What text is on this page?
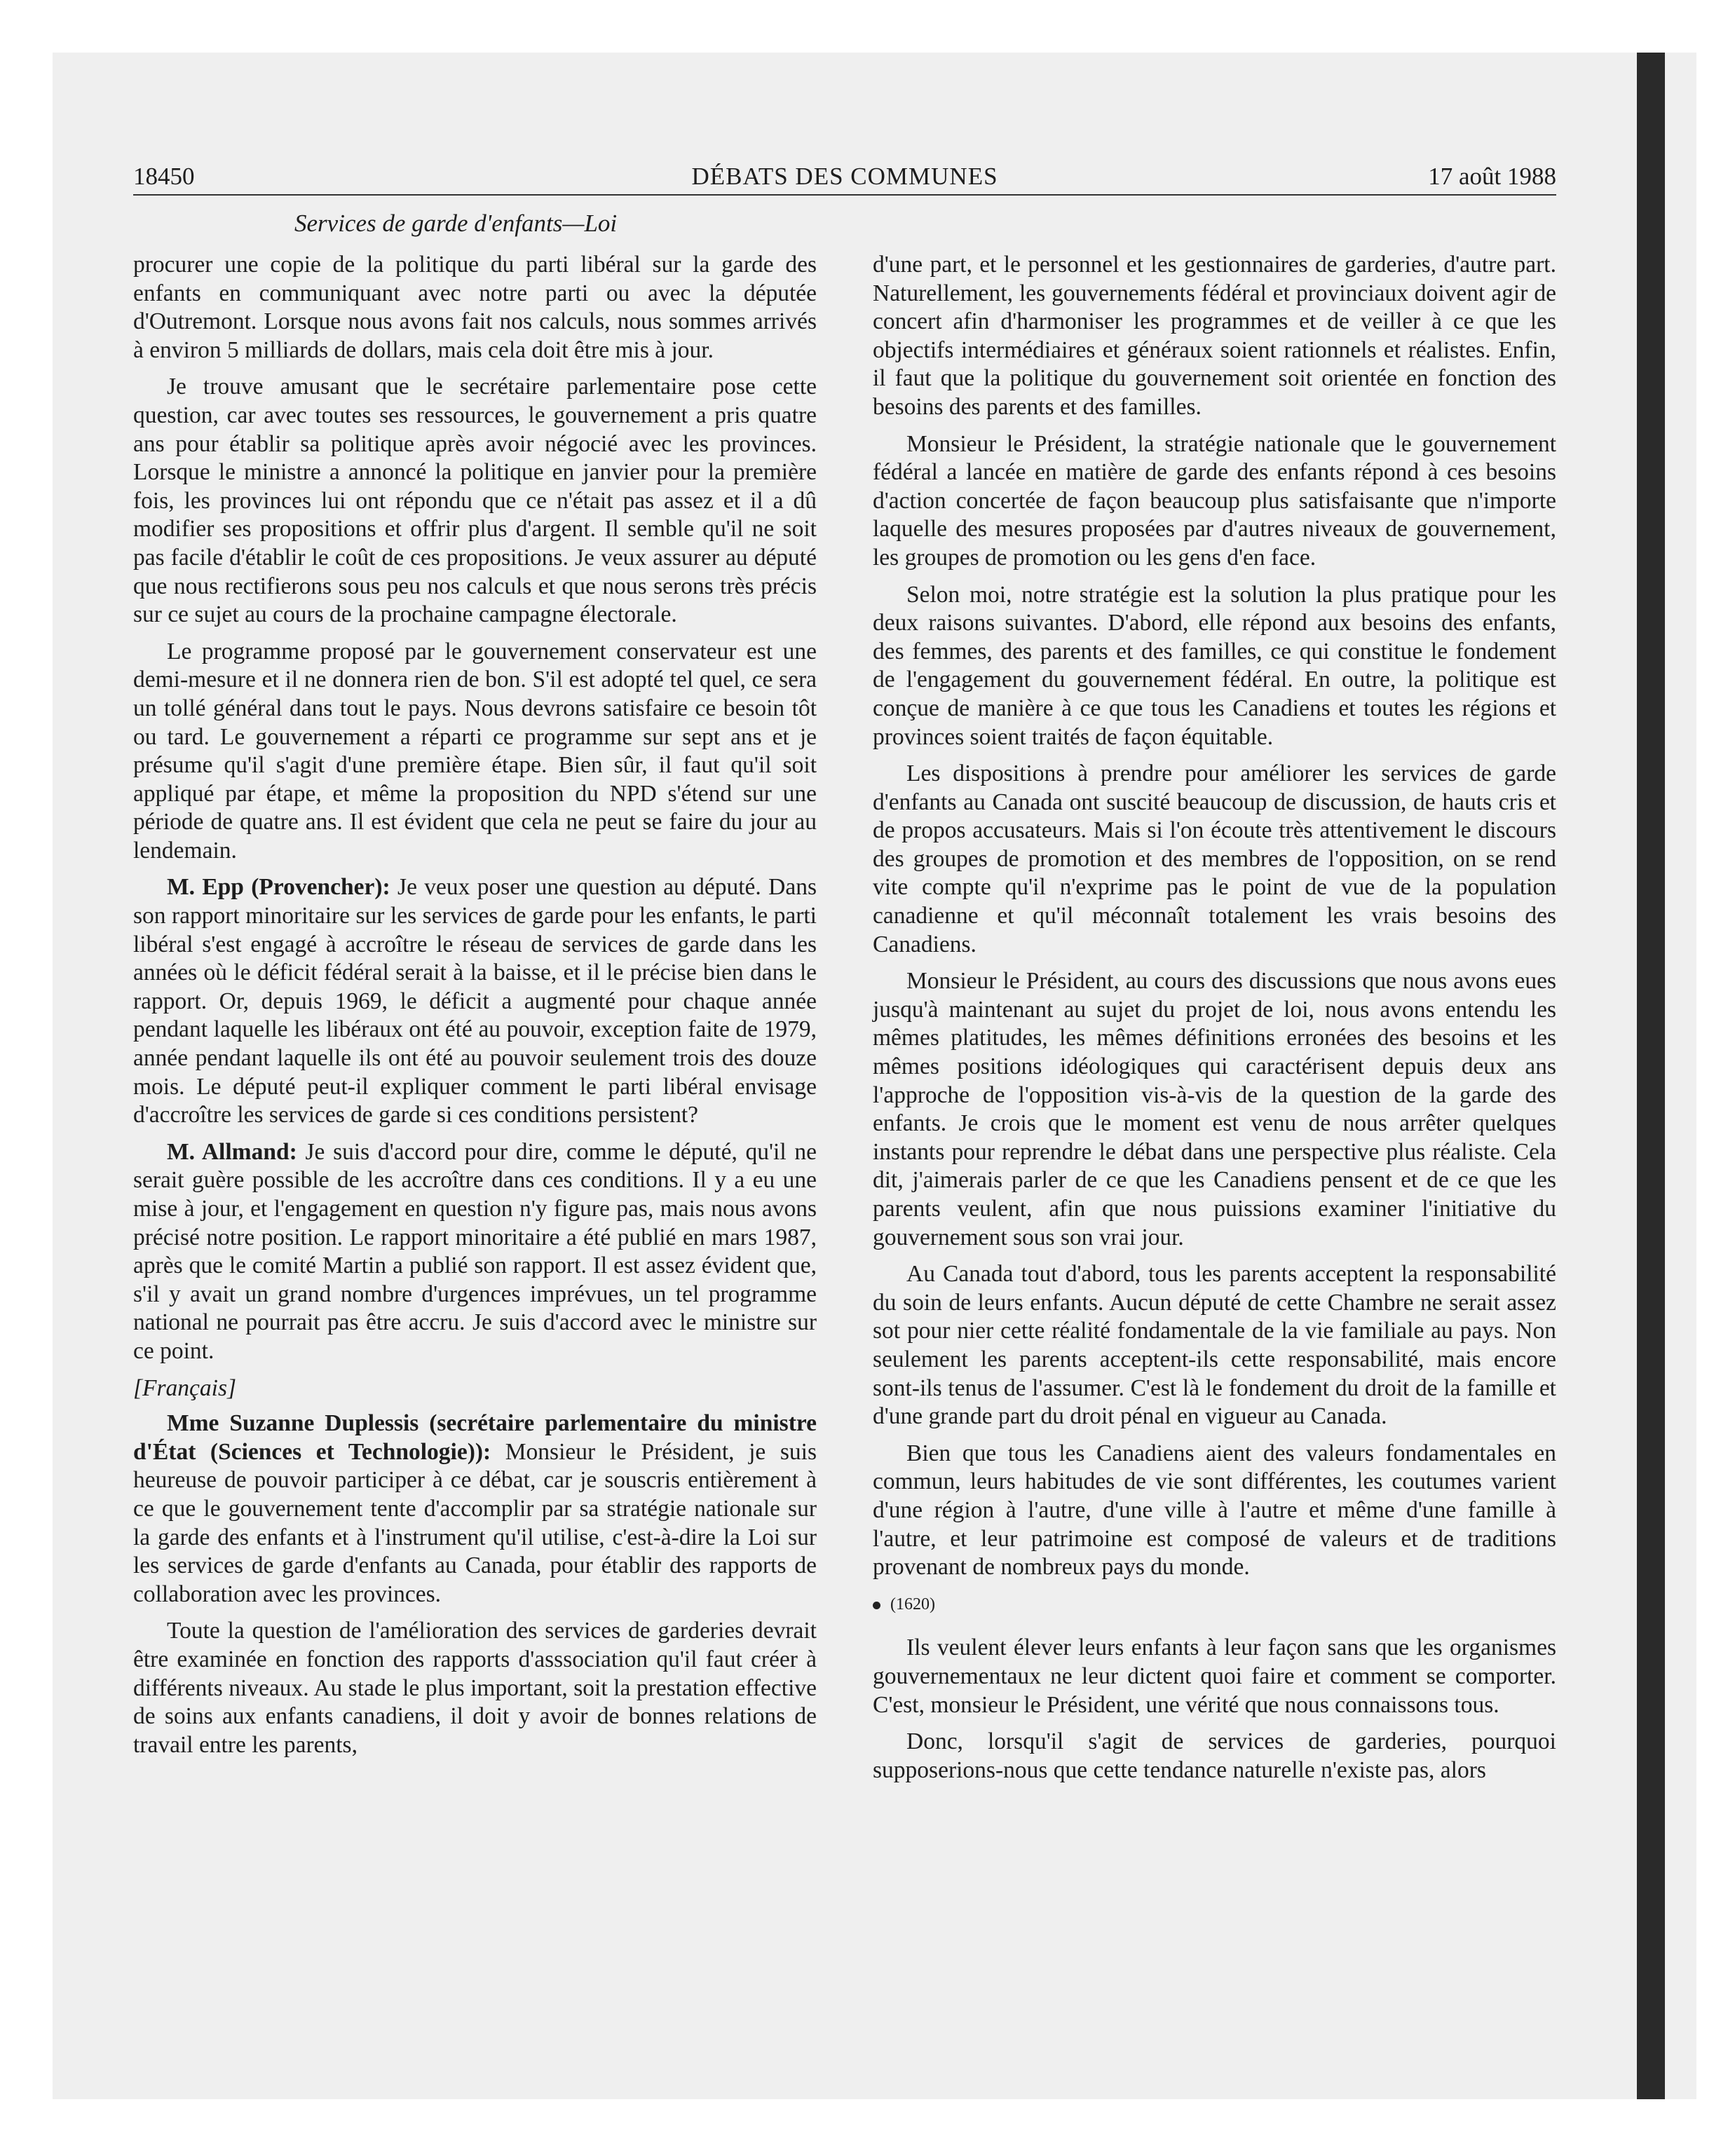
18450	DÉBATS DES COMMUNES	17 août 1988
Services de garde d'enfants—Loi

procurer une copie de la politique du parti libéral sur la garde des enfants en communiquant avec notre parti ou avec la députée d'Outremont. Lorsque nous avons fait nos calculs, nous sommes arrivés à environ 5 milliards de dollars, mais cela doit être mis à jour.

Je trouve amusant que le secrétaire parlementaire pose cette question, car avec toutes ses ressources, le gouvernement a pris quatre ans pour établir sa politique après avoir négocié avec les provinces. Lorsque le ministre a annoncé la politique en janvier pour la première fois, les provinces lui ont répondu que ce n'était pas assez et il a dû modifier ses propositions et offrir plus d'argent. Il semble qu'il ne soit pas facile d'établir le coût de ces propositions. Je veux assurer au député que nous rectifierons sous peu nos calculs et que nous serons très précis sur ce sujet au cours de la prochaine campagne électorale.

Le programme proposé par le gouvernement conservateur est une demi-mesure et il ne donnera rien de bon. S'il est adopté tel quel, ce sera un tollé général dans tout le pays. Nous devrons satisfaire ce besoin tôt ou tard. Le gouvernement a réparti ce programme sur sept ans et je présume qu'il s'agit d'une première étape. Bien sûr, il faut qu'il soit appliqué par étape, et même la proposition du NPD s'étend sur une période de quatre ans. Il est évident que cela ne peut se faire du jour au lendemain.

M. Epp (Provencher): Je veux poser une question au député. Dans son rapport minoritaire sur les services de garde pour les enfants, le parti libéral s'est engagé à accroître le réseau de services de garde dans les années où le déficit fédéral serait à la baisse, et il le précise bien dans le rapport. Or, depuis 1969, le déficit a augmenté pour chaque année pendant laquelle les libéraux ont été au pouvoir, exception faite de 1979, année pendant laquelle ils ont été au pouvoir seulement trois des douze mois. Le député peut-il expliquer comment le parti libéral envisage d'accroître les services de garde si ces conditions persistent?

M. Allmand: Je suis d'accord pour dire, comme le député, qu'il ne serait guère possible de les accroître dans ces conditions. Il y a eu une mise à jour, et l'engagement en question n'y figure pas, mais nous avons précisé notre position. Le rapport minoritaire a été publié en mars 1987, après que le comité Martin a publié son rapport. Il est assez évident que, s'il y avait un grand nombre d'urgences imprévues, un tel programme national ne pourrait pas être accru. Je suis d'accord avec le ministre sur ce point.

[Français]

Mme Suzanne Duplessis (secrétaire parlementaire du ministre d'État (Sciences et Technologie)): Monsieur le Président, je suis heureuse de pouvoir participer à ce débat, car je souscris entièrement à ce que le gouvernement tente d'accomplir par sa stratégie nationale sur la garde des enfants et à l'instrument qu'il utilise, c'est-à-dire la Loi sur les services de garde d'enfants au Canada, pour établir des rapports de collaboration avec les provinces.

Toute la question de l'amélioration des services de garderies devrait être examinée en fonction des rapports d'asssociation qu'il faut créer à différents niveaux. Au stade le plus important, soit la prestation effective de soins aux enfants canadiens, il doit y avoir de bonnes relations de travail entre les parents,

d'une part, et le personnel et les gestionnaires de garderies, d'autre part. Naturellement, les gouvernements fédéral et provinciaux doivent agir de concert afin d'harmoniser les programmes et de veiller à ce que les objectifs intermédiaires et généraux soient rationnels et réalistes. Enfin, il faut que la politique du gouvernement soit orientée en fonction des besoins des parents et des familles.

Monsieur le Président, la stratégie nationale que le gouvernement fédéral a lancée en matière de garde des enfants répond à ces besoins d'action concertée de façon beaucoup plus satisfaisante que n'importe laquelle des mesures proposées par d'autres niveaux de gouvernement, les groupes de promotion ou les gens d'en face.

Selon moi, notre stratégie est la solution la plus pratique pour les deux raisons suivantes. D'abord, elle répond aux besoins des enfants, des femmes, des parents et des familles, ce qui constitue le fondement de l'engagement du gouvernement fédéral. En outre, la politique est conçue de manière à ce que tous les Canadiens et toutes les régions et provinces soient traités de façon équitable.

Les dispositions à prendre pour améliorer les services de garde d'enfants au Canada ont suscité beaucoup de discussion, de hauts cris et de propos accusateurs. Mais si l'on écoute très attentivement le discours des groupes de promotion et des membres de l'opposition, on se rend vite compte qu'il n'exprime pas le point de vue de la population canadienne et qu'il méconnaît totalement les vrais besoins des Canadiens.

Monsieur le Président, au cours des discussions que nous avons eues jusqu'à maintenant au sujet du projet de loi, nous avons entendu les mêmes platitudes, les mêmes définitions erronées des besoins et les mêmes positions idéologiques qui caractérisent depuis deux ans l'approche de l'opposition vis-à-vis de la question de la garde des enfants. Je crois que le moment est venu de nous arrêter quelques instants pour reprendre le débat dans une perspective plus réaliste. Cela dit, j'aimerais parler de ce que les Canadiens pensent et de ce que les parents veulent, afin que nous puissions examiner l'initiative du gouvernement sous son vrai jour.

Au Canada tout d'abord, tous les parents acceptent la responsabilité du soin de leurs enfants. Aucun député de cette Chambre ne serait assez sot pour nier cette réalité fondamentale de la vie familiale au pays. Non seulement les parents acceptent-ils cette responsabilité, mais encore sont-ils tenus de l'assumer. C'est là le fondement du droit de la famille et d'une grande part du droit pénal en vigueur au Canada.

Bien que tous les Canadiens aient des valeurs fondamentales en commun, leurs habitudes de vie sont différentes, les coutumes varient d'une région à l'autre, d'une ville à l'autre et même d'une famille à l'autre, et leur patrimoine est composé de valeurs et de traditions provenant de nombreux pays du monde.

(1620)

Ils veulent élever leurs enfants à leur façon sans que les organismes gouvernementaux ne leur dictent quoi faire et comment se comporter. C'est, monsieur le Président, une vérité que nous connaissons tous.

Donc, lorsqu'il s'agit de services de garderies, pourquoi supposerions-nous que cette tendance naturelle n'existe pas, alors
